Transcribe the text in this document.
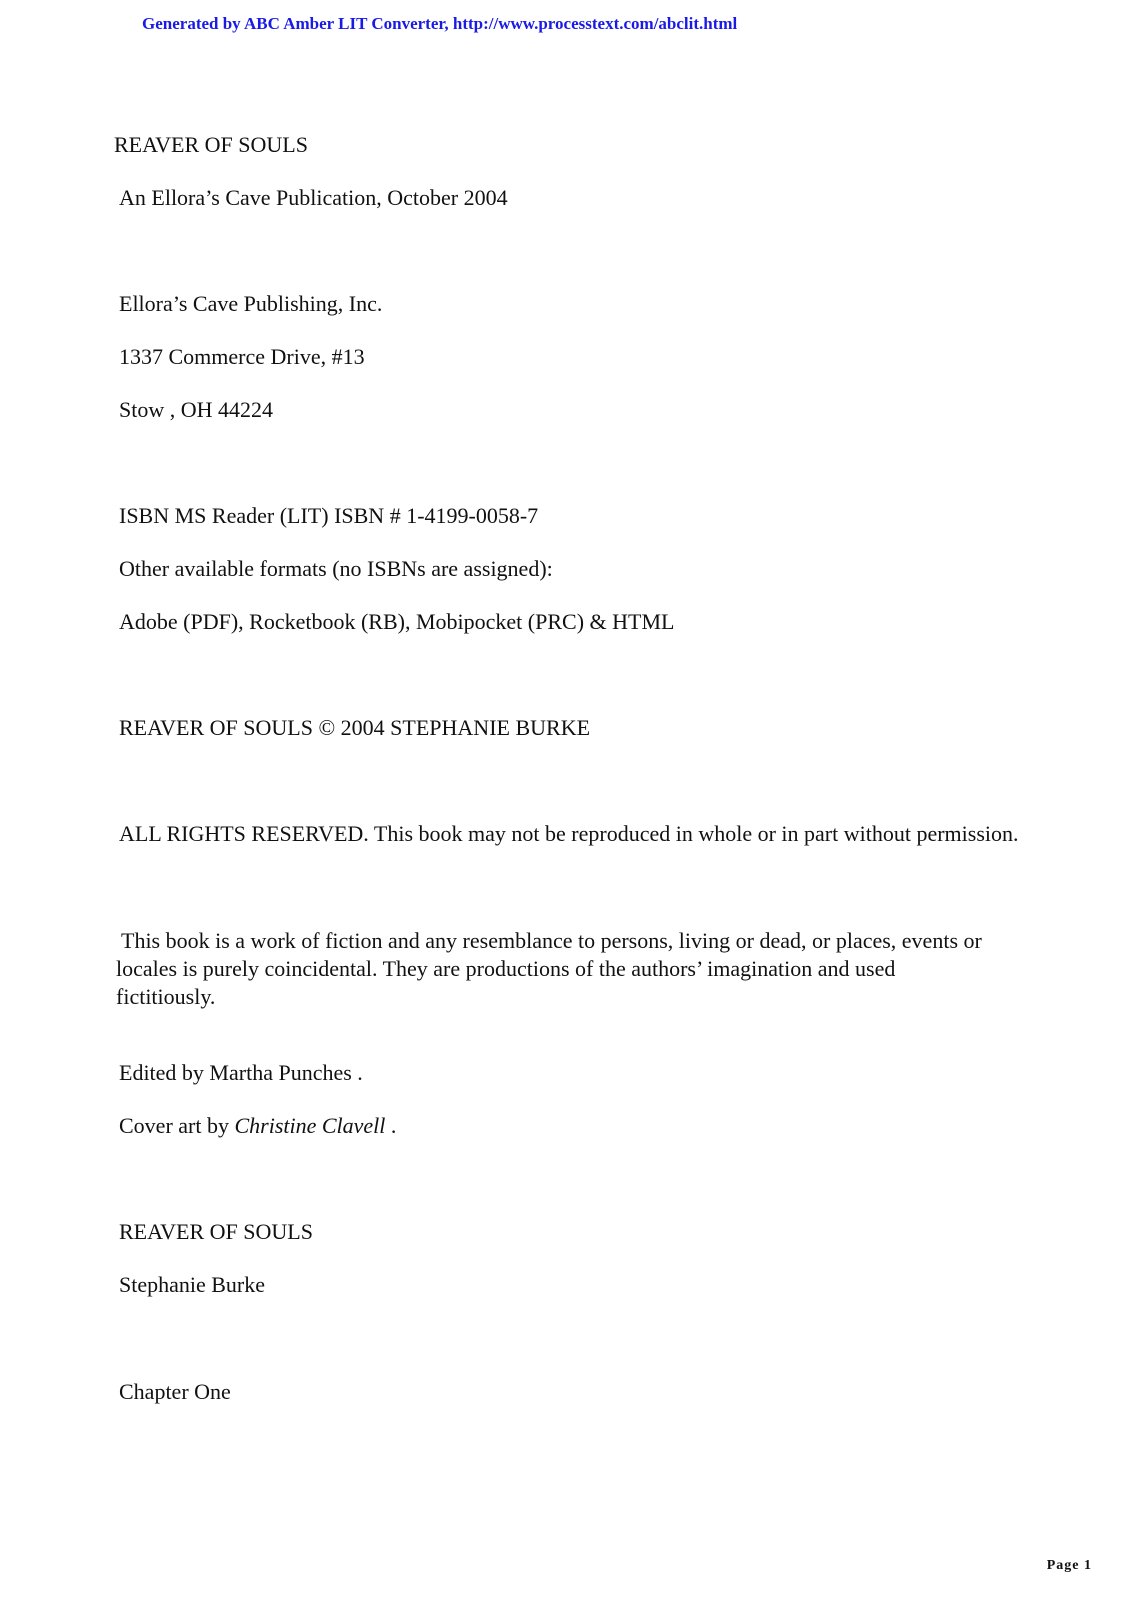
Generated by ABC Amber LIT Converter, http://www.processtext.com/abclit.html
REAVER OF SOULS
An Ellora’s Cave Publication, October 2004
Ellora’s Cave Publishing, Inc.
1337 Commerce Drive, #13
Stow , OH 44224
ISBN MS Reader (LIT) ISBN # 1-4199-0058-7
Other available formats (no ISBNs are assigned):
Adobe (PDF), Rocketbook (RB), Mobipocket (PRC) & HTML
REAVER OF SOULS © 2004 STEPHANIE BURKE
ALL RIGHTS RESERVED. This book may not be reproduced in whole or in part without permission.
This book is a work of fiction and any resemblance to persons, living or dead, or places, events or
locales is purely coincidental. They are productions of the authors’ imagination and used fictitiously.
Edited by Martha Punches .
Cover art by Christine Clavell .
REAVER OF SOULS
Stephanie Burke
Chapter One
Page 1
